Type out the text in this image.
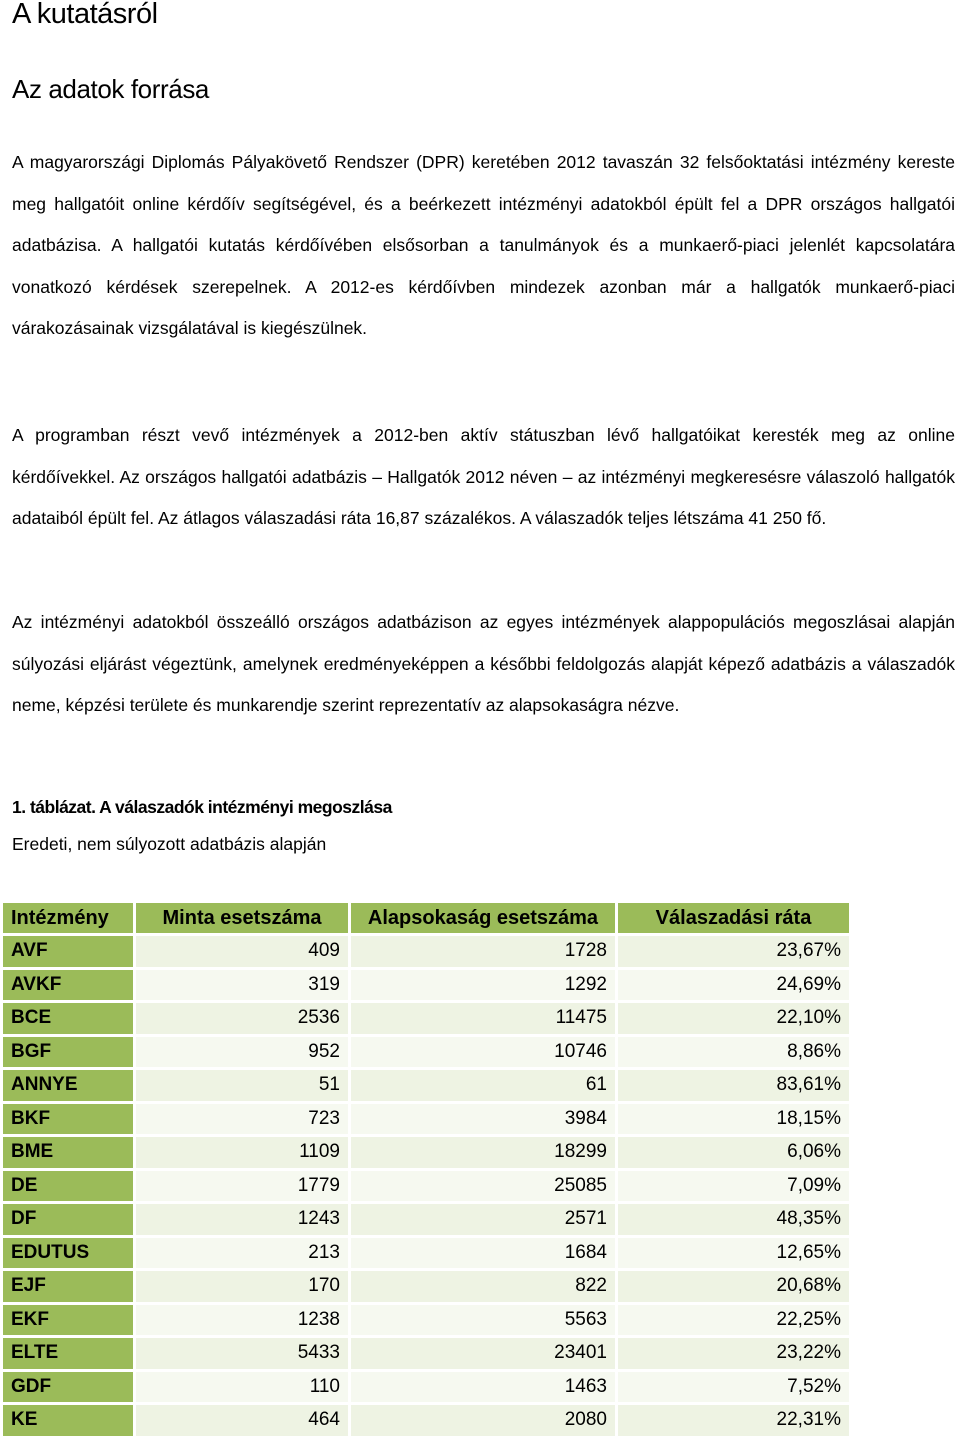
A kutatásról
Az adatok forrása

A magyarországi Diplomás Pályakövető Rendszer (DPR) keretében 2012 tavaszán 32 felsőoktatási intézmény kereste meg hallgatóit online kérdőív segítségével, és a beérkezett intézményi adatokból épült fel a DPR országos hallgatói adatbázisa. A hallgatói kutatás kérdőívében elsősorban a tanulmányok és a munkaerő-piaci jelenlét kapcsolatára vonatkozó kérdések szerepelnek. A 2012-es kérdőívben mindezek azonban már a hallgatók munkaerő-piaci várakozásainak vizsgálatával is kiegészülnek.

A programban részt vevő intézmények a 2012-ben aktív státuszban lévő hallgatóikat keresték meg az online kérdőívekkel. Az országos hallgatói adatbázis – Hallgatók 2012 néven – az intézményi megkeresésre válaszoló hallgatók adataiból épült fel. Az átlagos válaszadási ráta 16,87 százalékos. A válaszadók teljes létszáma 41 250 fő.

Az intézményi adatokból összeálló országos adatbázison az egyes intézmények alappopulációs megoszlásai alapján súlyozási eljárást végeztünk, amelynek eredményeképpen a későbbi feldolgozás alapját képező adatbázis a válaszadók neme, képzési területe és munkarendje szerint reprezentatív az alapsokaságra nézve.

1. táblázat. A válaszadók intézményi megoszlása

Eredeti, nem súlyozott adatbázis alapján

Intézmény	Minta esetszáma	Alapsokaság esetszáma	Válaszadási ráta
AVF	409	1728	23,67%
AVKF	319	1292	24,69%
BCE	2536	11475	22,10%
BGF	952	10746	8,86%
ANNYE	51	61	83,61%
BKF	723	3984	18,15%
BME	1109	18299	6,06%
DE	1779	25085	7,09%
DF	1243	2571	48,35%
EDUTUS	213	1684	12,65%
EJF	170	822	20,68%
EKF	1238	5563	22,25%
ELTE	5433	23401	23,22%
GDF	110	1463	7,52%
KE	464	2080	22,31%
